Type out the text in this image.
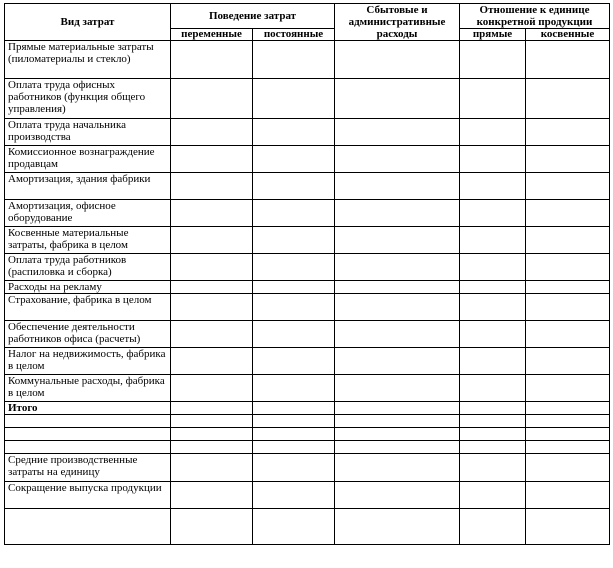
Вид затрат	Поведение затрат		Сбытовые и административные расходы	Отношение к единице конкретной продукции	
	переменные	постоянные		прямые	косвенные
Прямые материальные затраты (пиломатериалы и стекло)					
Оплата труда офисных работников (функция общего управления)					
Оплата труда начальника производства					
Комиссионное вознаграждение продавцам					
Амортизация, здания фабрики					
Амортизация, офисное оборудование					
Косвенные материальные затраты, фабрика в целом					
Оплата труда работников (распиловка и сборка)					
Расходы на рекламу					
Страхование, фабрика в целом					
Обеспечение деятельности работников офиса (расчеты)					
Налог на недвижимость, фабрика в целом					
Коммунальные расходы, фабрика в целом					
Итого					

Средние производственные затраты на единицу					
Сокращение выпуска продукции					
